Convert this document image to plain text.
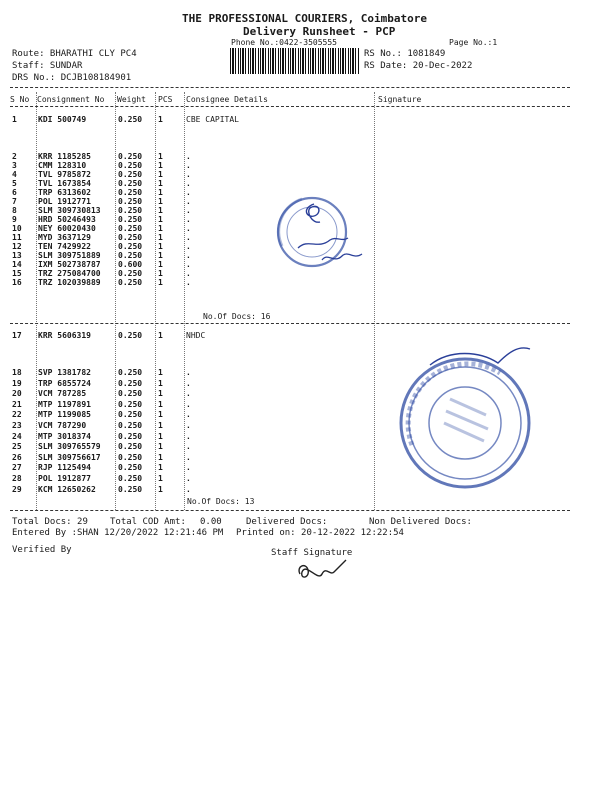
THE PROFESSIONAL COURIERS, Coimbatore
Delivery Runsheet - PCP
Phone No.:0422-3505555	Page No.:1
Route: BHARATHI CLY PC4
Staff: SUNDAR
DRS No.: DCJB108184901
RS No.: 1081849
RS Date: 20-Dec-2022
S No Consignment No Weight PCS Consignee Details	Signature
1	KDI 500749	0.250 1	CBE CAPITAL
2	KRR 1185285	0.250 1	.
3	CMM 128310	0.250 1	.
4	TVL 9785872	0.250 1	.
5	TVL 1673854	0.250 1	.
6	TRP 6313602	0.250 1	.
7	POL 1912771	0.250 1	.
8	SLM 309730813 0.250 1	.
9	HRD 50246493	0.250 1	.
10 NEY 60020430	0.250 1	.
11 MYD 3637129	0.250 1	.
12 TEN 7429922	0.250 1	.
13 SLM 309751889 0.250 1	.
14 IXM 502738787 0.600 1	.
15 TRZ 275084700 0.250 1	.
16 TRZ 102039889 0.250 1	.
No.Of Docs: 16
17 KRR 5606319	0.250 1	NHDC
18 SVP 1381782	0.250 1	.
19 TRP 6855724	0.250 1	.
20 VCM 787285	0.250 1	.
21 MTP 1197891	0.250 1	.
22 MTP 1199085	0.250 1	.
23 VCM 787290	0.250 1	.
24 MTP 3018374	0.250 1	.
25 SLM 309765579 0.250 1	.
26 SLM 309756617 0.250 1	.
27 RJP 1125494	0.250 1	.
28 POL 1912877	0.250 1	.
29 KCM 12650262	0.250 1	.
No.Of Docs: 13
Total Docs: 29 Total COD Amt: 0.00	Delivered Docs:	Non Delivered Docs:
Entered By :SHAN 12/20/2022 12:21:46 PM Printed on: 20-12-2022 12:22:54
Verified By	Staff Signature
